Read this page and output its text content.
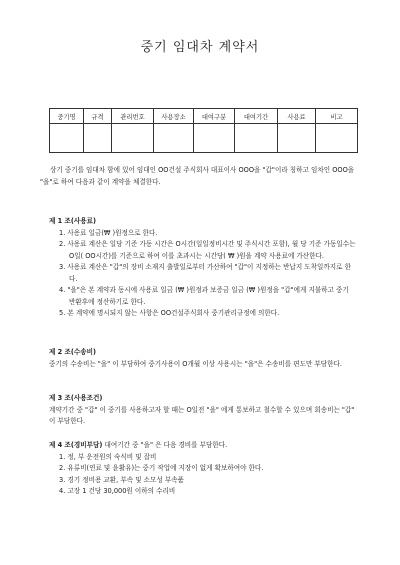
중기 임대차 계약서
중기명	규격	관리번호	사용장소	대여구분	대여기간	사용료	비고

상기 중기를 임대차 함에 있어 임대인 OO건설 주식회사 대표이사 OOO을 "갑"이라 칭하고 임차인 OOO을 "을"로 하여 다음과 같이 계약을 체결한다.

제 1 조(사용료)

1. 사용료 일금(₩ )원정으로 한다.

2. 사용료 계산은 일당 기준 가동 시간은 O시간(일일정비시간 및 주식시간 포함), 월 당 기준 가동일수는 O일( OO시간)를 기준으로 하여 이를 초과시는 시간당( ₩ )원을 계약 사용료에 가산한다.

3. 사용료 계산은 "갑"의 장비 소재지 출발일로부터 가산하여 "갑"이 지정하는 반납지 도착일까지로 한다.

4. "을"은 본 계약과 동시에 사용료 일금 (₩ )원정과 보증금 일금 (₩ )원정을 "갑"에게 지불하고 중기 반환후에 정산하기로 한다.

5. 본 계약에 명시되지 않는 사항은 OO건설주식회사 중기관리규정에 의한다.

제 2 조(수송비)

중기의 수송비는 "을" 이 부담하여 중기사용이 O개월 이상 사용시는 "을"은 수송비를 편도만 부담한다.

제 3 조(사용조건)

계약기간 중 "갑" 이 중기를 사용하고자 할 때는 O일전 "을" 에게 통보하고 철수할 수 있으며 회송비는 "갑" 이 부담한다.

제 4 조(경비부담) 대여기간 중 "을" 은 다음 경비를 부담한다.

1. 정, 부 운전원의 숙식비 및 잡비

2. 유류비(연료 및 윤활유)는 중기 작업에 지장이 없게 확보하여야 한다.

3. 경기 정비용 교환, 부속 및 소모성 부속품

4. 고장 1 건당 30,000원 이하의 수리비
